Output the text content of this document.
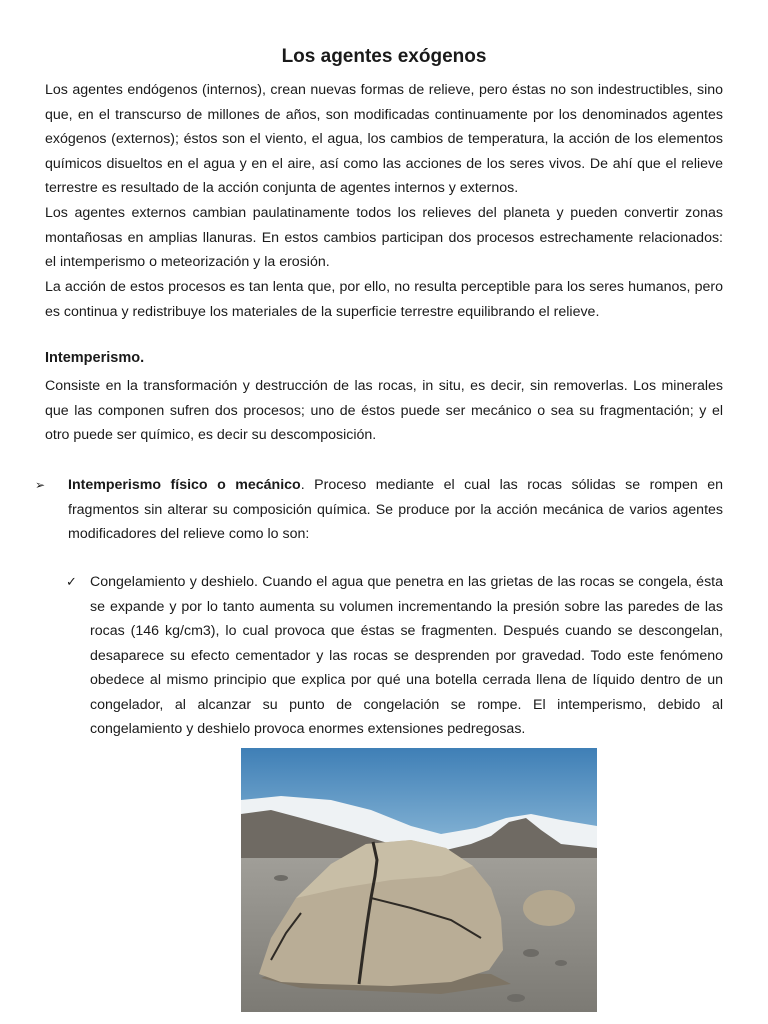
Los agentes exógenos

Los agentes endógenos (internos), crean nuevas formas de relieve, pero éstas no son indestructibles, sino que, en el transcurso de millones de años, son modificadas continuamente por los denominados agentes exógenos (externos); éstos son el viento, el agua, los cambios de temperatura, la acción de los elementos químicos disueltos en el agua y en el aire, así como las acciones de los seres vivos. De ahí que el relieve terrestre es resultado de la acción conjunta de agentes internos y externos.

Los agentes externos cambian paulatinamente todos los relieves del planeta y pueden convertir zonas montañosas en amplias llanuras. En estos cambios participan dos procesos estrechamente relacionados: el intemperismo o meteorización y la erosión.

La acción de estos procesos es tan lenta que, por ello, no resulta perceptible para los seres humanos, pero es continua y redistribuye los materiales de la superficie terrestre equilibrando el relieve.

Intemperismo.

Consiste en la transformación y destrucción de las rocas, in situ, es decir, sin removerlas. Los minerales que las componen sufren dos procesos; uno de éstos puede ser mecánico o sea su fragmentación; y el otro puede ser químico, es decir su descomposición.

➢ Intemperismo físico o mecánico. Proceso mediante el cual las rocas sólidas se rompen en fragmentos sin alterar su composición química. Se produce por la acción mecánica de varios agentes modificadores del relieve como lo son:

✓ Congelamiento y deshielo. Cuando el agua que penetra en las grietas de las rocas se congela, ésta se expande y por lo tanto aumenta su volumen incrementando la presión sobre las paredes de las rocas (146 kg/cm3), lo cual provoca que éstas se fragmenten. Después cuando se descongelan, desaparece su efecto cementador y las rocas se desprenden por gravedad. Todo este fenómeno obedece al mismo principio que explica por qué una botella cerrada llena de líquido dentro de un congelador, al alcanzar su punto de congelación se rompe. El intemperismo, debido al congelamiento y deshielo provoca enormes extensiones pedregosas.
